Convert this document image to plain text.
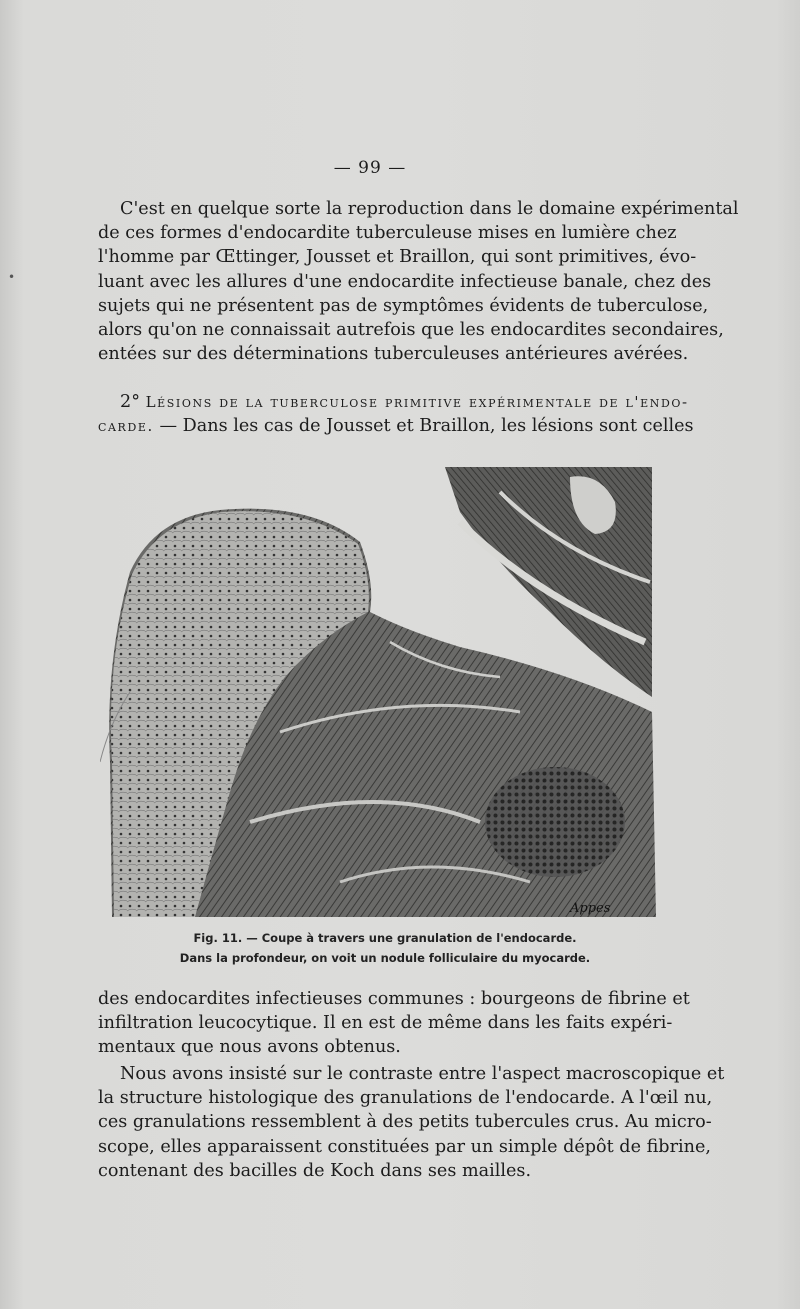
•
— 99 —

C'est en quelque sorte la reproduction dans le domaine expérimental
de ces formes d'endocardite tuberculeuse mises en lumière chez
l'homme par Œttinger, Jousset et Braillon, qui sont primitives, évo-
luant avec les allures d'une endocardite infectieuse banale, chez des
sujets qui ne présentent pas de symptômes évidents de tuberculose,
alors qu'on ne connaissait autrefois que les endocardites secondaires,
entées sur des déterminations tuberculeuses antérieures avérées.

2° Lésions de la tuberculose primitive expérimentale de l'endo-
carde. — Dans les cas de Jousset et Braillon, les lésions sont celles

Appes
Fig. 11. — Coupe à travers une granulation de l'endocarde.
Dans la profondeur, on voit un nodule folliculaire du myocarde.

des endocardites infectieuses communes : bourgeons de fibrine et
infiltration leucocytique. Il en est de même dans les faits expéri-
mentaux que nous avons obtenus.

Nous avons insisté sur le contraste entre l'aspect macroscopique et
la structure histologique des granulations de l'endocarde. A l'œil nu,
ces granulations ressemblent à des petits tubercules crus. Au micro-
scope, elles apparaissent constituées par un simple dépôt de fibrine,
contenant des bacilles de Koch dans ses mailles.
